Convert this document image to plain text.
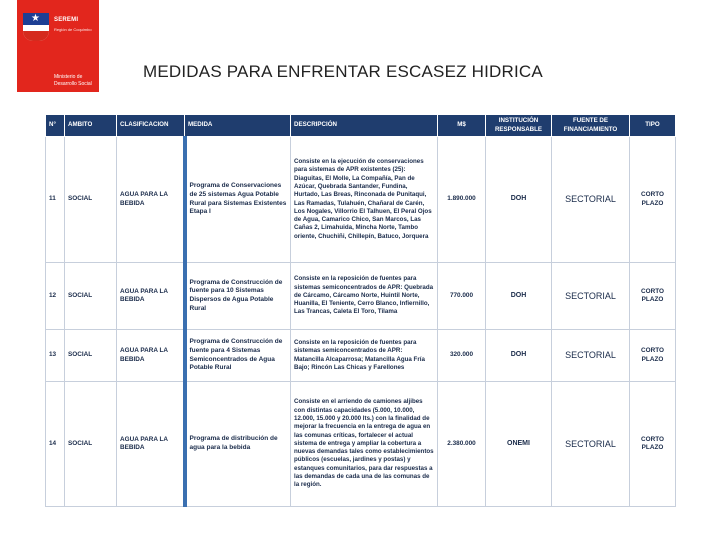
★ SEREMI
Región de Coquimbo
Ministerio de Desarrollo Social
MEDIDAS PARA ENFRENTAR ESCASEZ HIDRICA
N°	AMBITO	CLASIFICACION	MEDIDA	DESCRIPCIÓN	M$	INSTITUCIÓN RESPONSABLE	FUENTE DE FINANCIAMIENTO	TIPO
11	SOCIAL	AGUA PARA LA BEBIDA	Programa de Conservaciones de 25 sistemas Agua Potable Rural para Sistemas Existentes Etapa I	Consiste en la ejecución de conservaciones para sistemas de APR existentes (25): Diaguitas, El Molle, La Compañía, Pan de Azúcar, Quebrada Santander, Fundina, Hurtado, Las Breas, Rinconada de Punitaqui, Las Ramadas, Tulahuén, Chañaral de Carén, Los Nogales, Villorrio El Talhuen, El Peral Ojos de Agua, Camarico Chico, San Marcos, Las Cañas 2, Limahuida, Mincha Norte, Tambo oriente, Chuchiñi, Chillepín, Batuco, Jorquera	1.890.000	DOH	SECTORIAL	CORTO PLAZO
12	SOCIAL	AGUA PARA LA BEBIDA	Programa de Construcción de fuente para 10 Sistemas Dispersos de Agua Potable Rural	Consiste en la reposición de fuentes para sistemas semiconcentrados de APR: Quebrada de Cárcamo, Cárcamo Norte, Huintil Norte, Huanilla, El Teniente, Cerro Blanco, Infiernillo, Las Trancas, Caleta El Toro, Tilama	770.000	DOH	SECTORIAL	CORTO PLAZO
13	SOCIAL	AGUA PARA LA BEBIDA	Programa de Construcción de fuente para 4 Sistemas Semiconcentrados de Agua Potable Rural	Consiste en la reposición de fuentes para sistemas semiconcentrados de APR: Matancilla Alcaparrosa; Matancilla Agua Fría Bajo; Rincón Las Chicas y Farellones	320.000	DOH	SECTORIAL	CORTO PLAZO
14	SOCIAL	AGUA PARA LA BEBIDA	Programa de distribución de agua para la bebida	Consiste en el arriendo de camiones aljibes con distintas capacidades (5.000, 10.000, 12.000, 15.000 y 20.000 lts.) con la finalidad de mejorar la frecuencia en la entrega de agua en las comunas críticas, fortalecer el actual sistema de entrega y ampliar la cobertura a nuevas demandas tales como establecimientos públicos (escuelas, jardines y postas) y estanques comunitarios, para dar respuestas a las demandas de cada una de las comunas de la región.	2.380.000	ONEMI	SECTORIAL	CORTO PLAZO
